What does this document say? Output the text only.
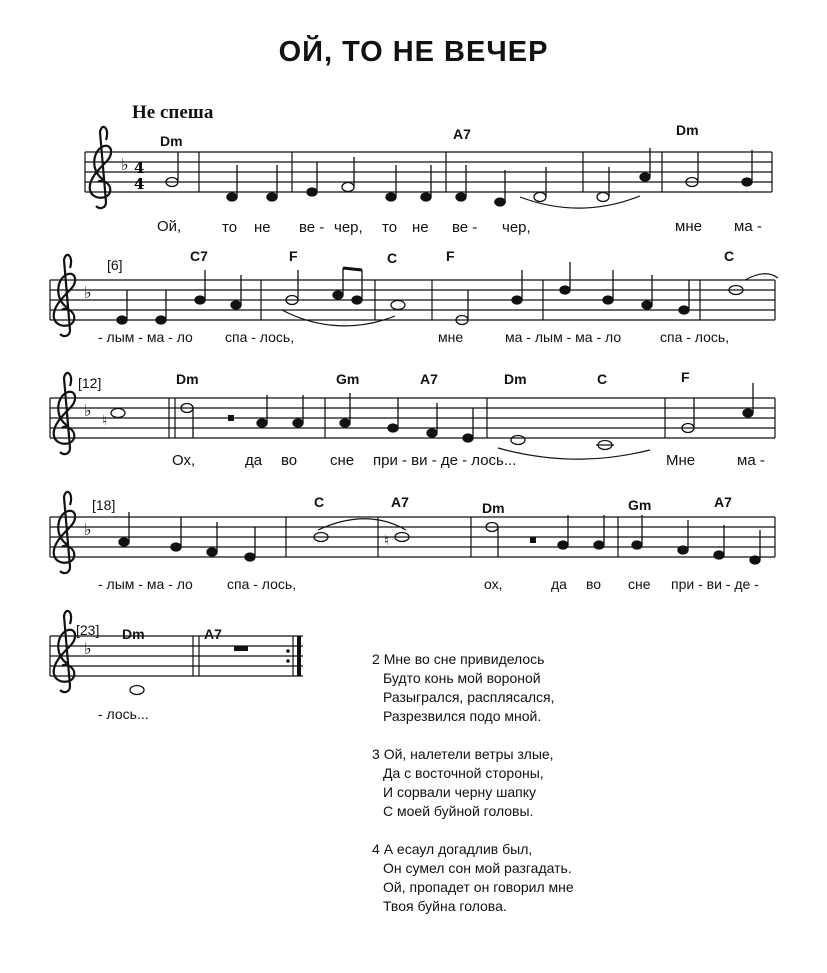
ОЙ, ТО НЕ ВЕЧЕР
Не спеша
♭ 4
4
♭
♭ ♮
♭
♮
♭
Dm	A7	Dm
[6]
C7	F	C	F	C
[12]	Dm	Gm	A7	Dm	C	F
[18]	C	A7	Dm	Gm	A7
[23] Dm	A7
Ой,	то не ве - чер, то не ве - чер,	мне ма -
- лым - ма - ло спа - лось,	мне	ма - лым - ма - ло	спа - лось,
Ох,	да во сне при - ви - де - лось...	Мне	ма -
- лым - ма - ло спа - лось,	ох,	да во сне при - ви - де -
- лось...
2 Мне во сне привиделось
Будто конь мой вороной
Разыгрался, расплясался,
Разрезвился подо мной.
3 Ой, налетели ветры злые,
Да с восточной стороны,
И сорвали черну шапку
С моей буйной головы.
4 А есаул догадлив был,
Он сумел сон мой разгадать.
Ой, пропадет он говорил мне
Твоя буйна голова.
